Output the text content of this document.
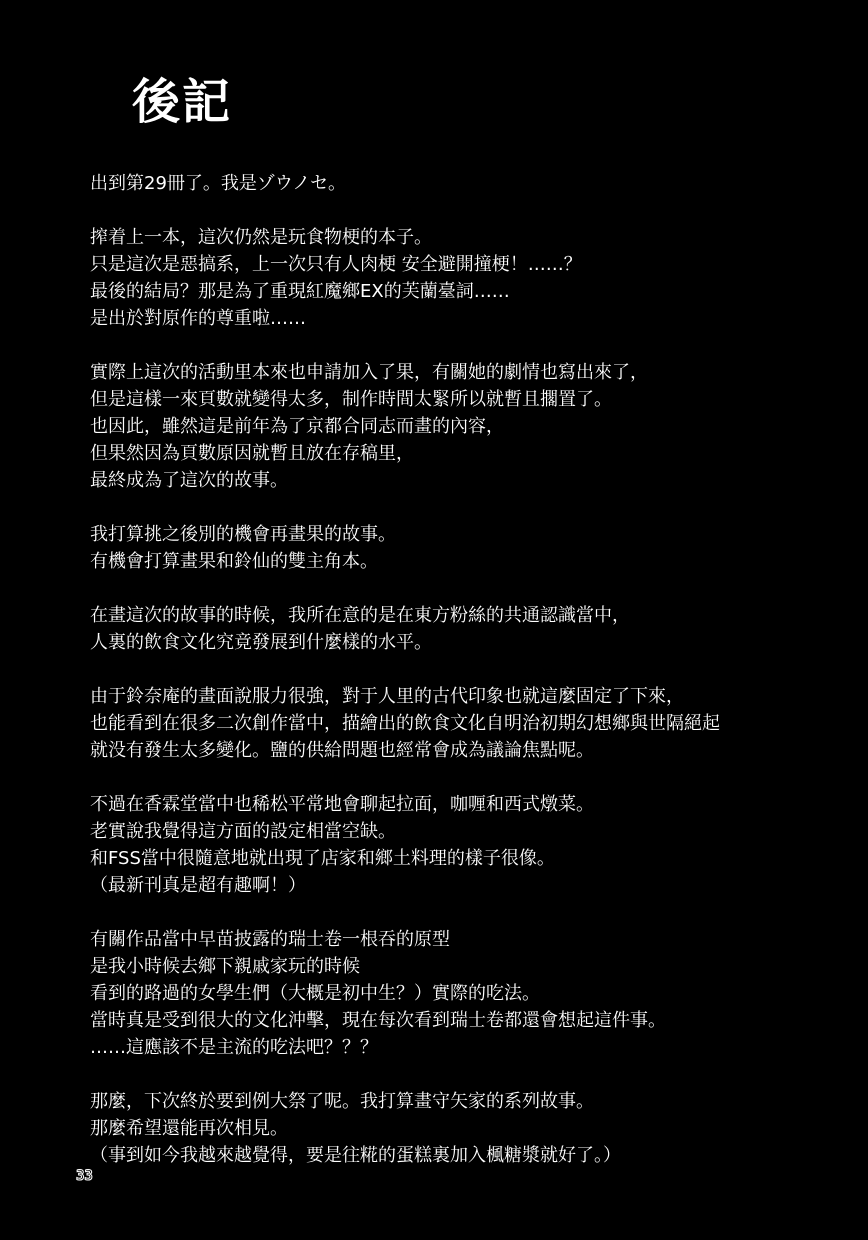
後記
出到第29冊了。我是ゾウノセ。
搾着上一本，這次仍然是玩食物梗的本子。
只是這次是惡搞系，上一次只有人肉梗 安全避開撞梗！……？
最後的結局？那是為了重現紅魔鄉EX的芙蘭臺詞……
是出於對原作的尊重啦……
實際上這次的活動里本來也申請加入了果，有關她的劇情也寫出來了，
但是這樣一來頁數就變得太多，制作時間太緊所以就暫且擱置了。
也因此，雖然這是前年為了京都合同志而畫的內容，
但果然因為頁數原因就暫且放在存稿里，
最終成為了這次的故事。
我打算挑之後別的機會再畫果的故事。
有機會打算畫果和鈴仙的雙主角本。
在畫這次的故事的時候，我所在意的是在東方粉絲的共通認識當中，
人裏的飲食文化究竟發展到什麼樣的水平。
由于鈴奈庵的畫面說服力很強，對于人里的古代印象也就這麼固定了下來，
也能看到在很多二次創作當中，描繪出的飲食文化自明治初期幻想鄉與世隔絕起
就没有發生太多變化。鹽的供給問題也經常會成為議論焦點呢。
不過在香霖堂當中也稀松平常地會聊起拉面，咖喱和西式燉菜。
老實說我覺得這方面的設定相當空缺。
和FSS當中很隨意地就出現了店家和鄉土料理的樣子很像。
（最新刊真是超有趣啊！）
有關作品當中早苗披露的瑞士卷一根吞的原型
是我小時候去鄉下親戚家玩的時候
看到的路過的女學生們（大概是初中生？）實際的吃法。
當時真是受到很大的文化沖擊，現在每次看到瑞士卷都還會想起這件事。
……這應該不是主流的吃法吧？？？
那麼，下次終於要到例大祭了呢。我打算畫守矢家的系列故事。
那麼希望還能再次相見。
（事到如今我越來越覺得，要是往糀的蛋糕裏加入楓糖漿就好了。）
33
